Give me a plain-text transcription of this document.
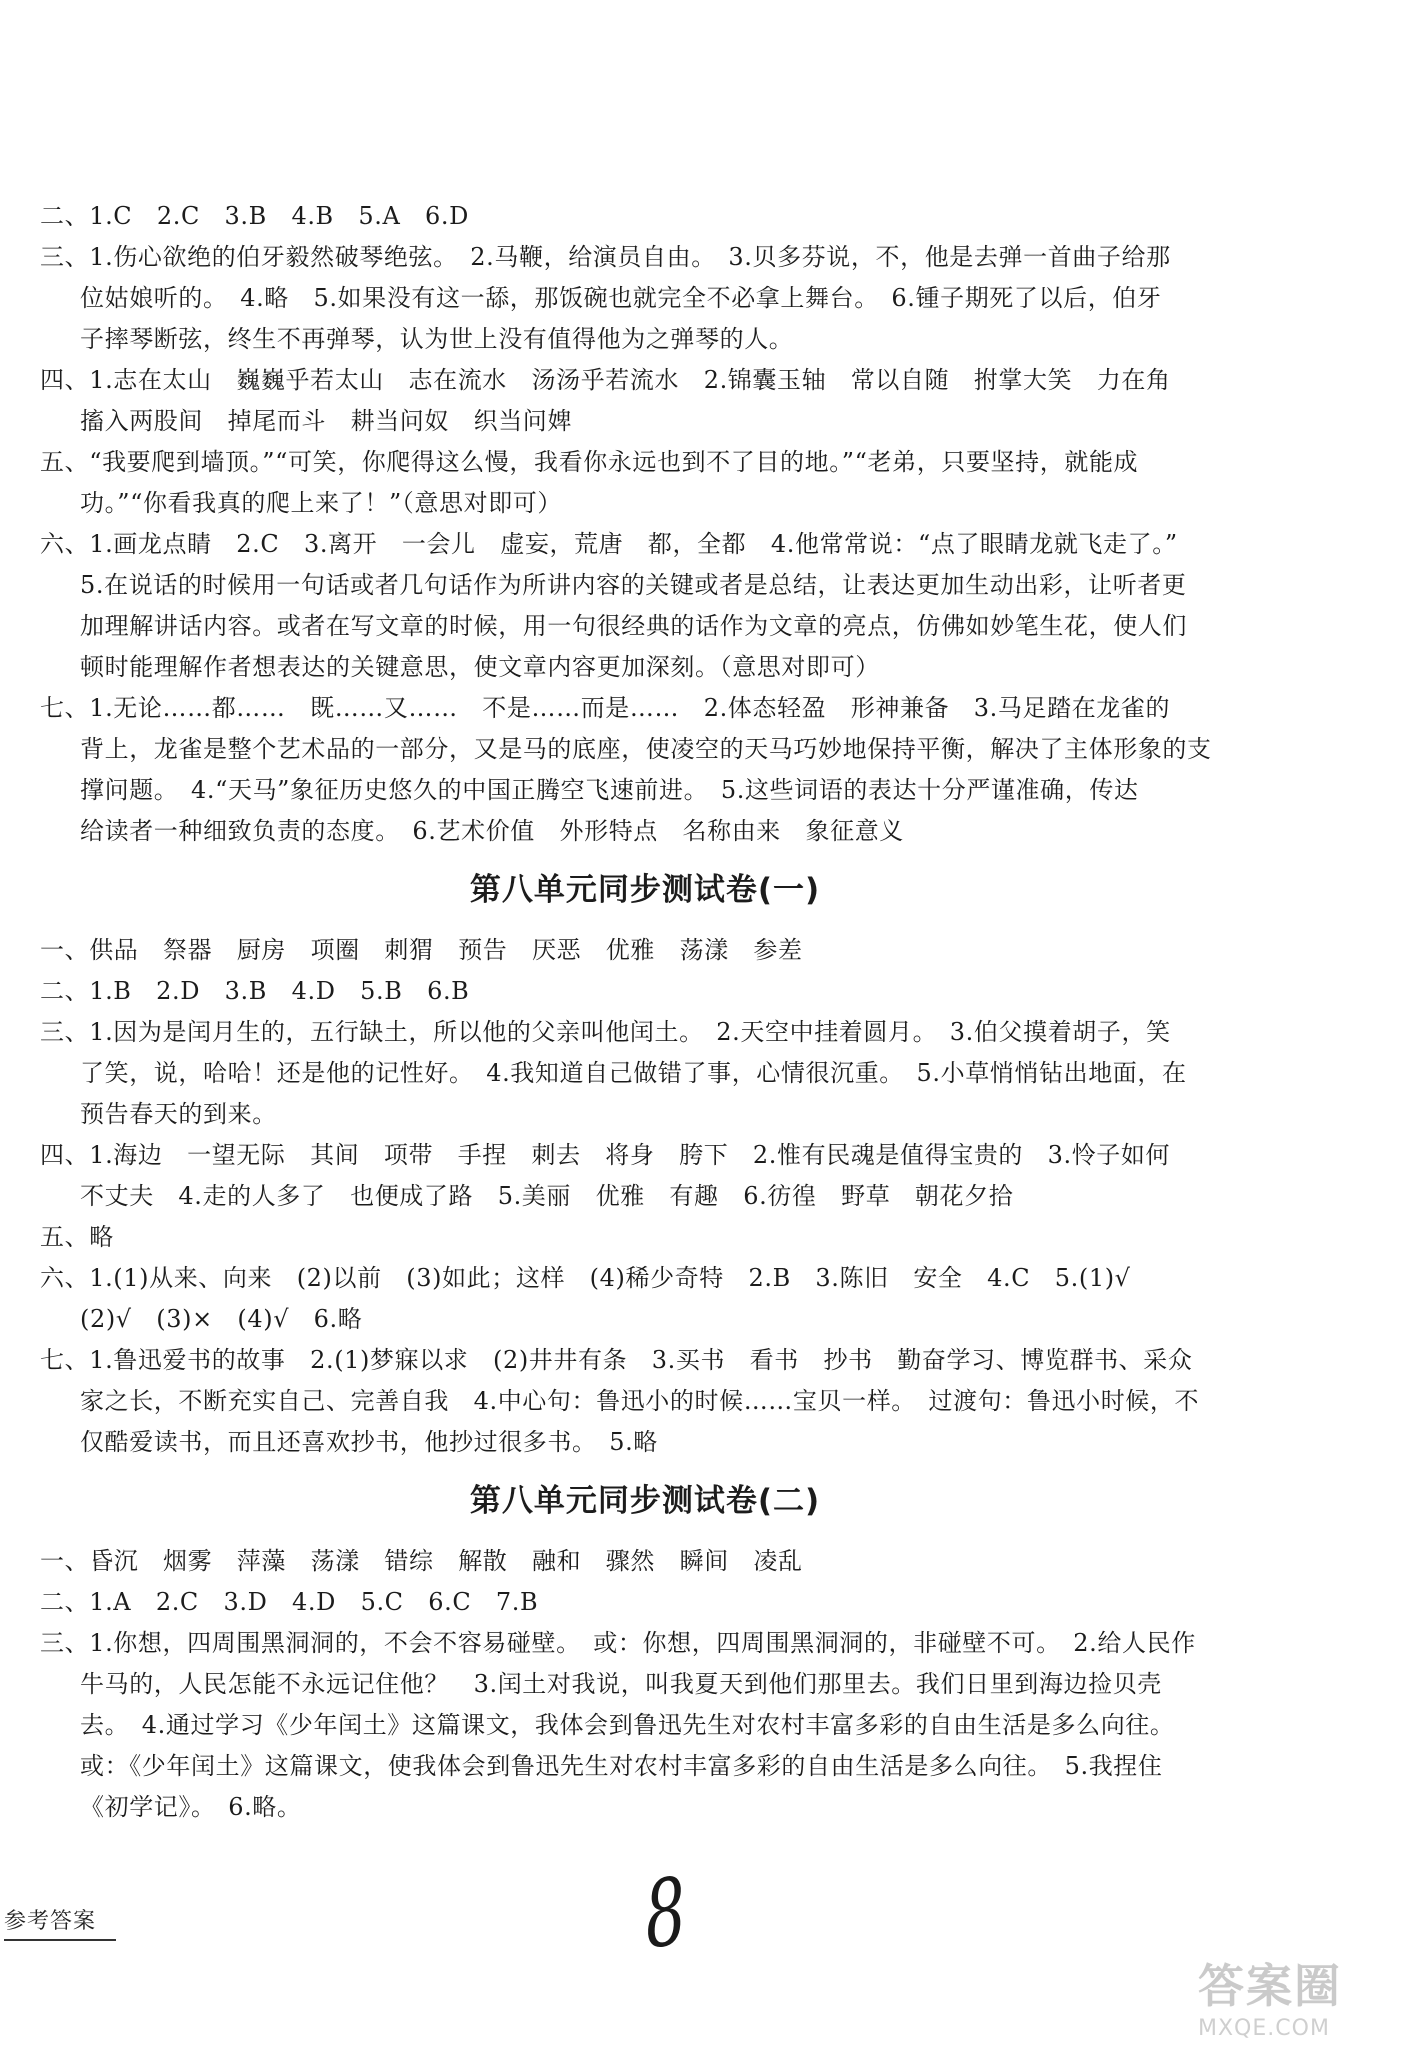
二、1.C　2.C　3.B　4.B　5.A　6.D
三、1.伤心欲绝的伯牙毅然破琴绝弦。　2.马鞭，给演员自由。　3.贝多芬说，不，他是去弹一首曲子给那
位姑娘听的。　4.略　5.如果没有这一舔，那饭碗也就完全不必拿上舞台。　6.锺子期死了以后，伯牙
子摔琴断弦，终生不再弹琴，认为世上没有值得他为之弹琴的人。
四、1.志在太山　巍巍乎若太山　志在流水　汤汤乎若流水　2.锦囊玉轴　常以自随　拊掌大笑　力在角
搐入两股间　掉尾而斗　耕当问奴　织当问婢
五、“我要爬到墙顶。”“可笑，你爬得这么慢，我看你永远也到不了目的地。”“老弟，只要坚持，就能成
功。”“你看我真的爬上来了！”（意思对即可）
六、1.画龙点睛　2.C　3.离开　一会儿　虚妄，荒唐　都，全都　4.他常常说：“点了眼睛龙就飞走了。”
5.在说话的时候用一句话或者几句话作为所讲内容的关键或者是总结，让表达更加生动出彩，让听者更
加理解讲话内容。或者在写文章的时候，用一句很经典的话作为文章的亮点，仿佛如妙笔生花，使人们
顿时能理解作者想表达的关键意思，使文章内容更加深刻。（意思对即可）
七、1.无论……都……　既……又……　不是……而是……　2.体态轻盈　形神兼备　3.马足踏在龙雀的
背上，龙雀是整个艺术品的一部分，又是马的底座，使凌空的天马巧妙地保持平衡，解决了主体形象的支
撑问题。　4.“天马”象征历史悠久的中国正腾空飞速前进。　5.这些词语的表达十分严谨准确，传达
给读者一种细致负责的态度。　6.艺术价值　外形特点　名称由来　象征意义
第八单元同步测试卷(一)
一、供品　祭器　厨房　项圈　刺猬　预告　厌恶　优雅　荡漾　参差
二、1.B　2.D　3.B　4.D　5.B　6.B
三、1.因为是闰月生的，五行缺土，所以他的父亲叫他闰土。　2.天空中挂着圆月。　3.伯父摸着胡子，笑
了笑，说，哈哈！还是他的记性好。　4.我知道自己做错了事，心情很沉重。　5.小草悄悄钻出地面，在
预告春天的到来。
四、1.海边　一望无际　其间　项带　手捏　刺去　将身　胯下　2.惟有民魂是值得宝贵的　3.怜子如何
不丈夫　4.走的人多了　也便成了路　5.美丽　优雅　有趣　6.彷徨　野草　朝花夕拾
五、略
六、1.(1)从来、向来　(2)以前　(3)如此；这样　(4)稀少奇特　2.B　3.陈旧　安全　4.C　5.(1)√
(2)√　(3)×　(4)√　6.略
七、1.鲁迅爱书的故事　2.(1)梦寐以求　(2)井井有条　3.买书　看书　抄书　勤奋学习、博览群书、采众
家之长，不断充实自己、完善自我　4.中心句：鲁迅小的时候……宝贝一样。　过渡句：鲁迅小时候，不
仅酷爱读书，而且还喜欢抄书，他抄过很多书。　5.略
第八单元同步测试卷(二)
一、昏沉　烟雾　萍藻　荡漾　错综　解散　融和　骤然　瞬间　凌乱
二、1.A　2.C　3.D　4.D　5.C　6.C　7.B
三、1.你想，四周围黑洞洞的，不会不容易碰壁。　或：你想，四周围黑洞洞的，非碰壁不可。　2.给人民作
牛马的，人民怎能不永远记住他？　3.闰土对我说，叫我夏天到他们那里去。我们日里到海边捡贝壳
去。　4.通过学习《少年闰土》这篇课文，我体会到鲁迅先生对农村丰富多彩的自由生活是多么向往。
或：《少年闰土》这篇课文，使我体会到鲁迅先生对农村丰富多彩的自由生活是多么向往。　5.我捏住
《初学记》。　6.略。
参考答案	8
答案圈
MXQE.COM
